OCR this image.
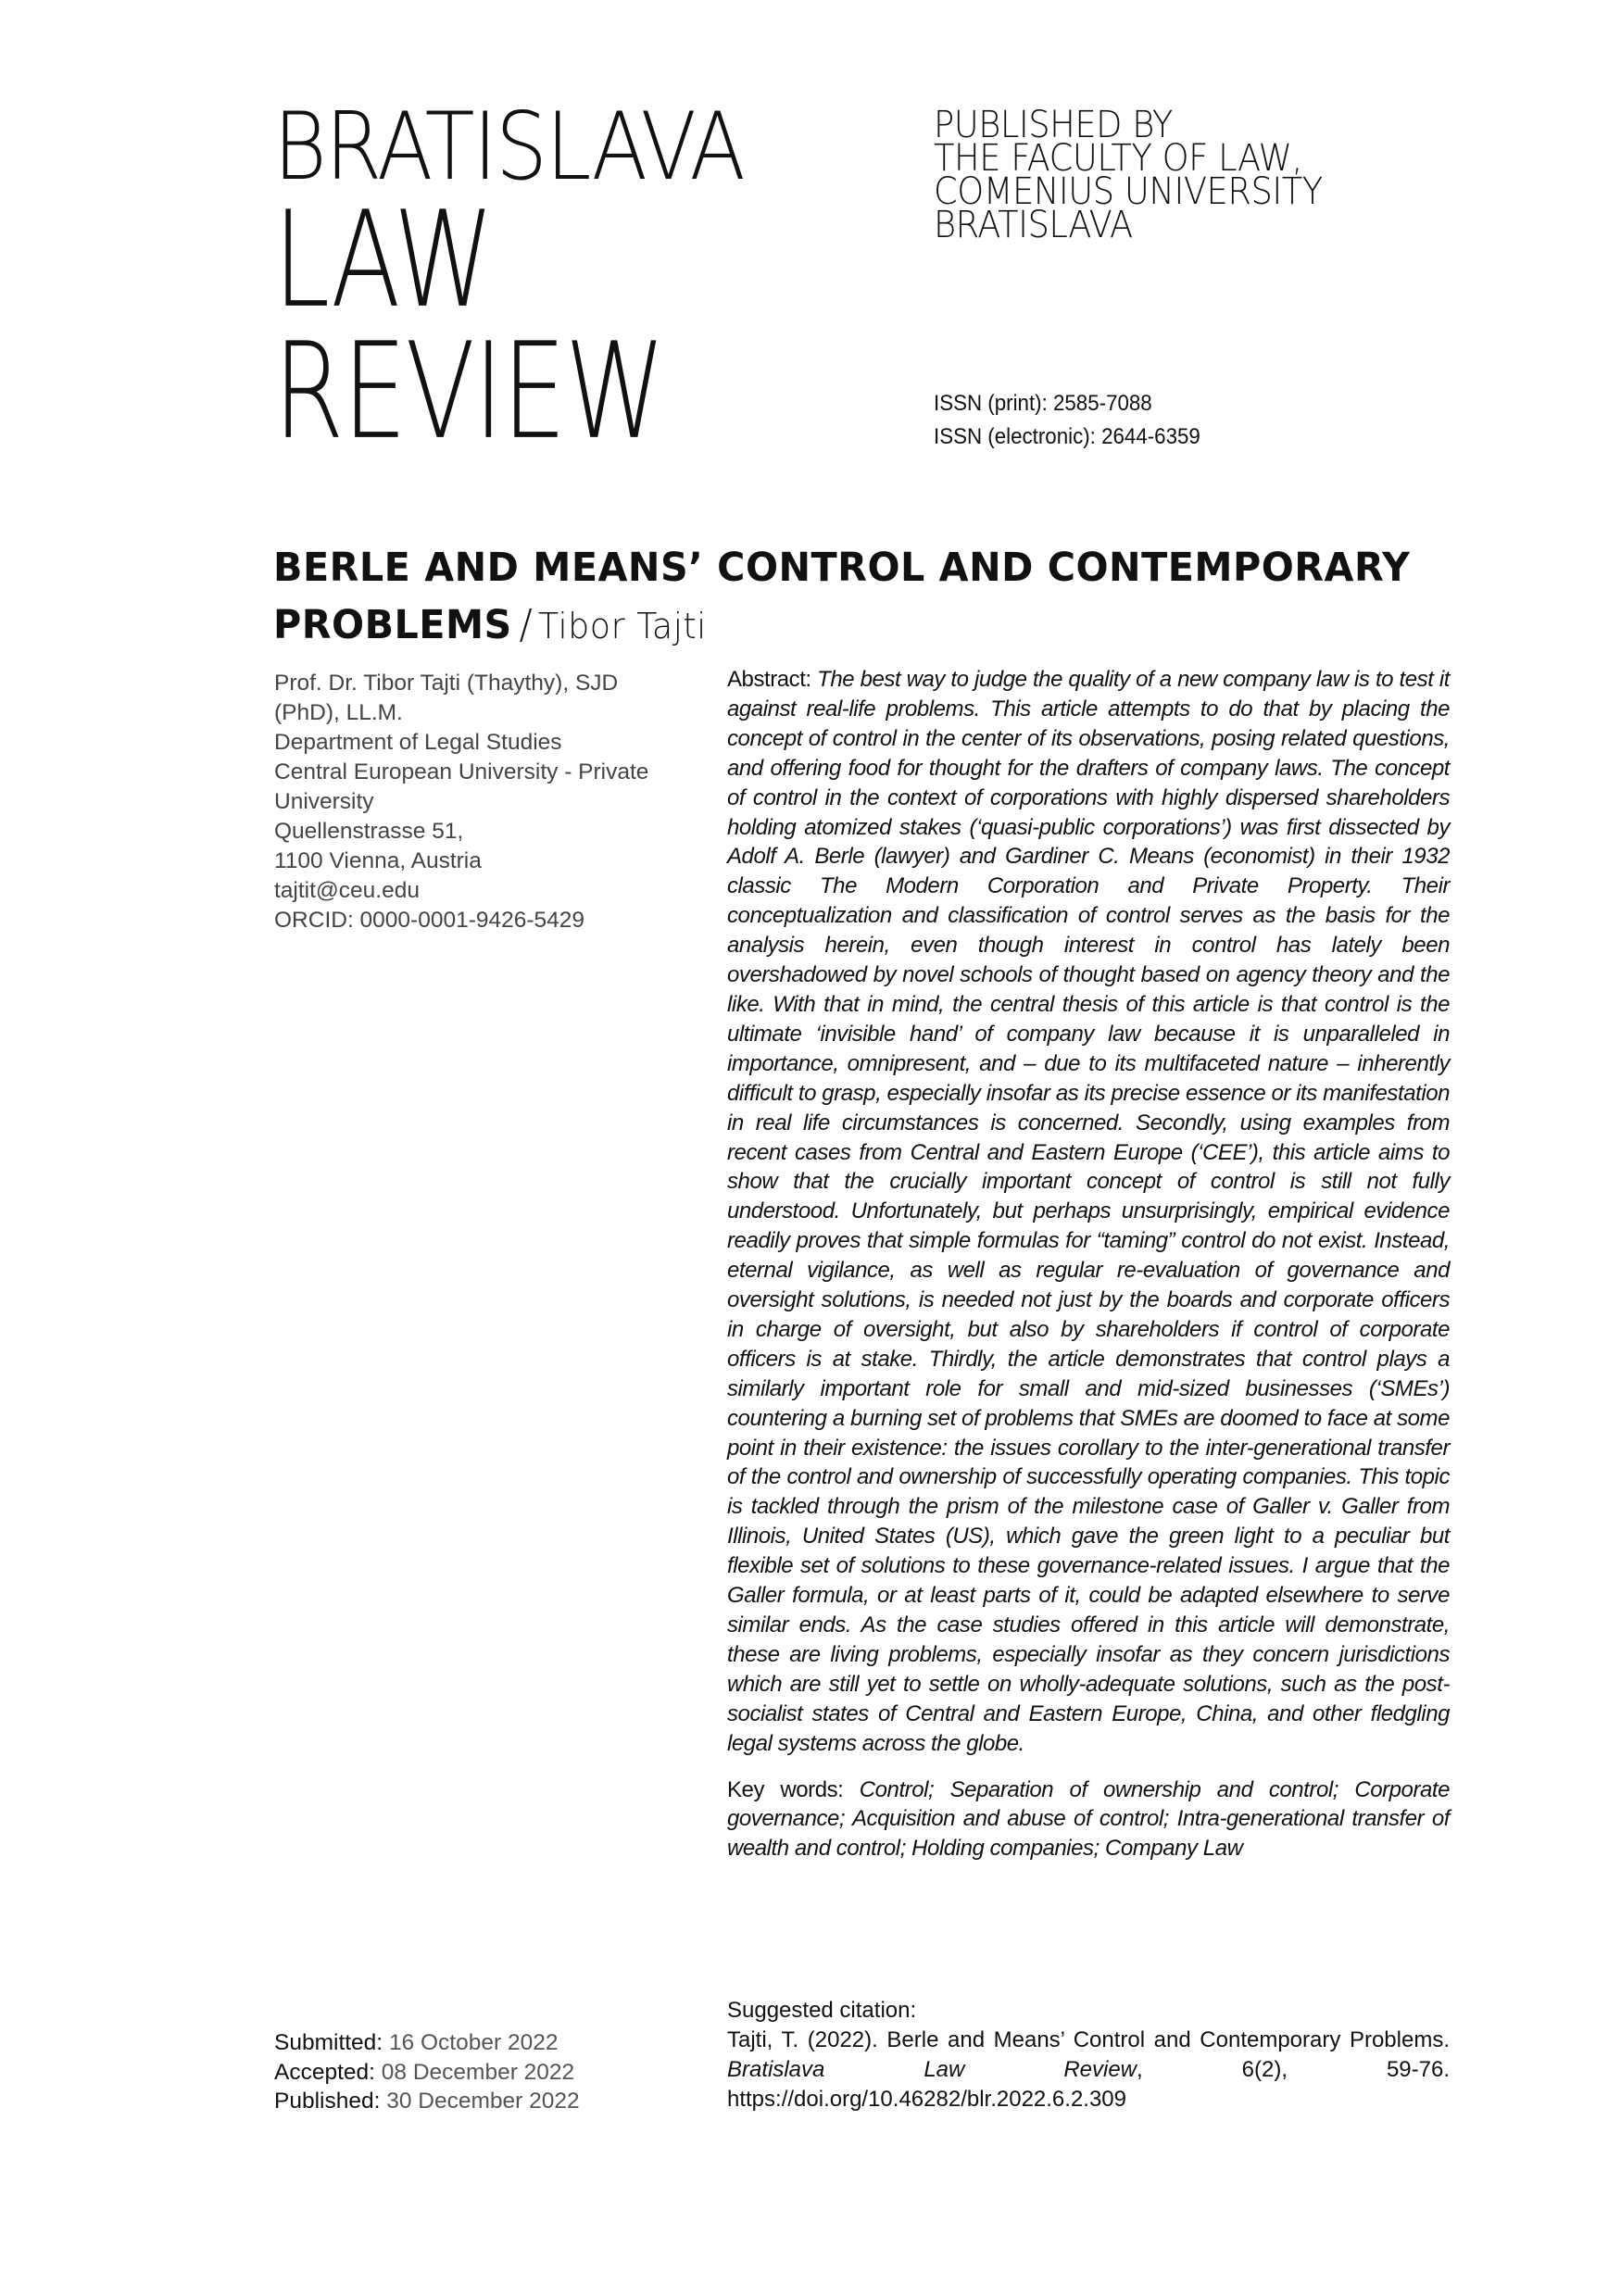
BRATISLAVA
LAW
REVIEW
PUBLISHED BY
THE FACULTY OF LAW,
COMENIUS UNIVERSITY
BRATISLAVA
ISSN (print): 2585-7088
ISSN (electronic): 2644-6359
BERLE AND MEANS’ CONTROL AND CONTEMPORARY
PROBLEMS / Tibor Tajti
Prof. Dr. Tibor Tajti (Thaythy), SJD
(PhD), LL.M.
Department of Legal Studies
Central European University - Private
University
Quellenstrasse 51,
1100 Vienna, Austria
tajtit@ceu.edu
ORCID: 0000-0001-9426-5429

Abstract: The best way to judge the quality of a new company law is to test it against real-life problems. This article attempts to do that by placing the concept of control in the center of its observations, posing related questions, and offering food for thought for the drafters of company laws. The concept of control in the context of corporations with highly dispersed shareholders holding atomized stakes (‘quasi-public corporations’) was first dissected by Adolf A. Berle (lawyer) and Gardiner C. Means (economist) in their 1932 classic The Modern Corporation and Private Property. Their conceptualization and classification of control serves as the basis for the analysis herein, even though interest in control has lately been overshadowed by novel schools of thought based on agency theory and the like. With that in mind, the central thesis of this article is that control is the ultimate ‘invisible hand’ of company law because it is unparalleled in importance, omnipresent, and – due to its multifaceted nature – inherently difficult to grasp, especially insofar as its precise essence or its manifestation in real life circumstances is concerned. Secondly, using examples from recent cases from Central and Eastern Europe (‘CEE’), this article aims to show that the crucially important concept of control is still not fully understood. Unfortunately, but perhaps unsurprisingly, empirical evidence readily proves that simple formulas for “taming” control do not exist. Instead, eternal vigilance, as well as regular re-evaluation of governance and oversight solutions, is needed not just by the boards and corporate officers in charge of oversight, but also by shareholders if control of corporate officers is at stake. Thirdly, the article demonstrates that control plays a similarly important role for small and mid-sized businesses (‘SMEs’) countering a burning set of problems that SMEs are doomed to face at some point in their existence: the issues corollary to the inter-generational transfer of the control and ownership of successfully operating companies. This topic is tackled through the prism of the milestone case of Galler v. Galler from Illinois, United States (US), which gave the green light to a peculiar but flexible set of solutions to these governance-related issues. I argue that the Galler formula, or at least parts of it, could be adapted elsewhere to serve similar ends. As the case studies offered in this article will demonstrate, these are living problems, especially insofar as they concern jurisdictions which are still yet to settle on wholly-adequate solutions, such as the post-socialist states of Central and Eastern Europe, China, and other fledgling legal systems across the globe.

Key words: Control; Separation of ownership and control; Corporate governance; Acquisition and abuse of control; Intra-generational transfer of wealth and control; Holding companies; Company Law

Suggested citation:

Tajti, T. (2022). Berle and Means’ Control and Contemporary Problems. Bratislava Law Review, 6(2), 59-76. https://doi.org/10.46282/blr.2022.6.2.309

Submitted: 16 October 2022
Accepted: 08 December 2022
Published: 30 December 2022
